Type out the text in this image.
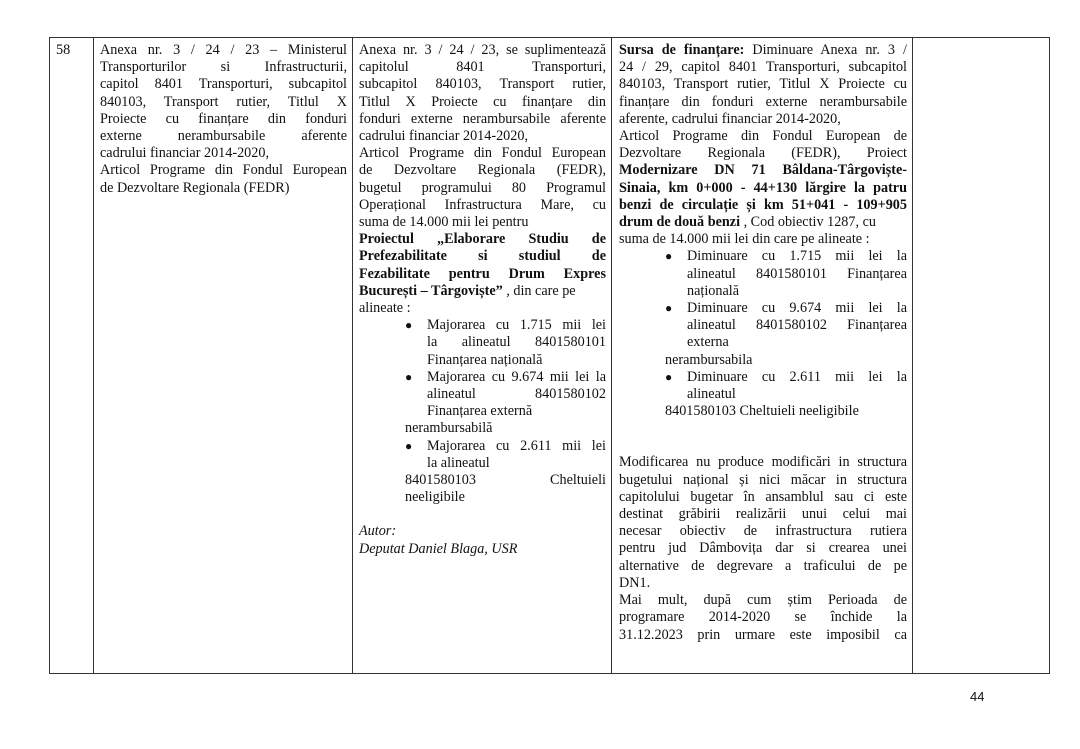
58	Anexa nr. 3 / 24 / 23 – Ministerul

Transporturilor si Infrastructurii,

capitol 8401 Transporturi, subcapitol

840103, Transport rutier, Titlul X

Proiecte cu finanțare din fonduri

externe nerambursabile aferente

cadrului financiar 2014-2020,

Articol Programe din Fondul European

de Dezvoltare Regionala (FEDR)

Anexa nr. 3 / 24 / 23, se suplimentează

capitolul 8401 Transporturi,

subcapitol 840103, Transport rutier,

Titlul X Proiecte cu finanțare din

fonduri externe nerambursabile aferente

cadrului financiar 2014-2020,

Articol Programe din Fondul European

de Dezvoltare Regionala (FEDR),

bugetul programului 80 Programul

Operațional Infrastructura Mare, cu

suma de 14.000 mii lei pentru

Proiectul „Elaborare Studiu de

Prefezabilitate si studiul de

Fezabilitate pentru Drum Expres

București – Târgoviște” , din care pe

alineate :

● Majorarea cu 1.715 mii lei

la alineatul 8401580101

Finanțarea națională

● Majorarea cu 9.674 mii lei la

alineatul 8401580102

Finanțarea externă

nerambursabilă

● Majorarea cu 2.611 mii lei

la alineatul

8401580103 Cheltuieli

neeligibile

Autor:

Deputat Daniel Blaga, USR

Sursa de finanțare: Diminuare Anexa nr. 3 /

24 / 29, capitol 8401 Transporturi, subcapitol

840103, Transport rutier, Titlul X Proiecte cu

finanțare din fonduri externe nerambursabile

aferente, cadrului financiar 2014-2020,

Articol Programe din Fondul European de

Dezvoltare Regionala (FEDR), Proiect

Modernizare DN 71 Bâldana-Târgoviște-

Sinaia, km 0+000 - 44+130 lărgire la patru

benzi de circulație și km 51+041 - 109+905

drum de două benzi , Cod obiectiv 1287, cu

suma de 14.000 mii lei din care pe alineate :

● Diminuare cu 1.715 mii lei la

alineatul 8401580101 Finanțarea

națională

● Diminuare cu 9.674 mii lei la

alineatul 8401580102 Finanțarea

externa

nerambursabila

● Diminuare cu 2.611 mii lei la

alineatul

8401580103 Cheltuieli neeligibile

Modificarea nu produce modificări in structura

bugetului național și nici măcar in structura

capitolului bugetar în ansamblul sau ci este

destinat grăbirii realizării unui celui mai

necesar obiectiv de infrastructura rutiera

pentru jud Dâmbovița dar si crearea unei

alternative de degrevare a traficului de pe

DN1.

Mai mult, după cum știm Perioada de

programare 2014-2020 se închide la

31.12.2023 prin urmare este imposibil ca

44
